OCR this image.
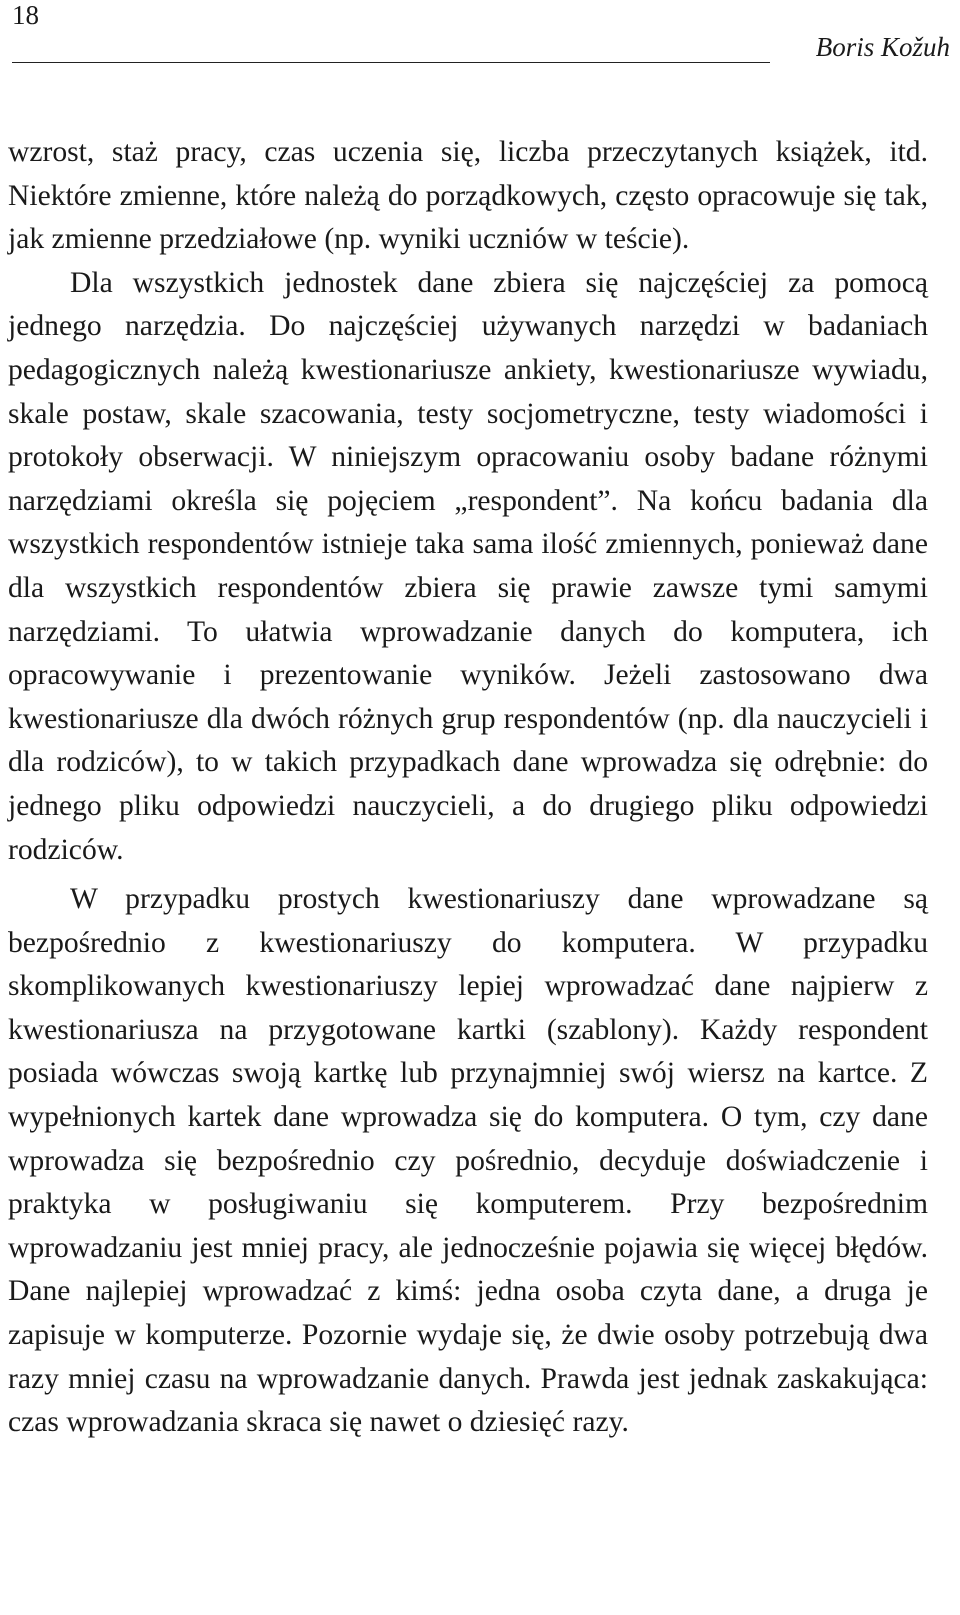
18
Boris Kožuh

wzrost, staż pracy, czas uczenia się, liczba przeczytanych książek, itd. Niektóre zmienne, które należą do porządkowych, często opracowuje się tak, jak zmienne przedziałowe (np. wyniki uczniów w teście).

Dla wszystkich jednostek dane zbiera się najczęściej za pomocą jednego narzędzia. Do najczęściej używanych narzędzi w badaniach pedagogicznych należą kwestionariusze ankiety, kwestionariusze wywiadu, skale postaw, skale szacowania, testy socjometryczne, testy wiadomości i protokoły obserwacji. W niniejszym opracowaniu osoby badane różnymi narzędziami określa się pojęciem „respondent”. Na końcu badania dla wszystkich respondentów istnieje taka sama ilość zmiennych, ponieważ dane dla wszystkich respondentów zbiera się prawie zawsze tymi samymi narzędziami. To ułatwia wprowadzanie danych do komputera, ich opracowywanie i prezentowanie wyników. Jeżeli zastosowano dwa kwestionariusze dla dwóch różnych grup respondentów (np. dla nauczycieli i dla rodziców), to w takich przypadkach dane wprowadza się odrębnie: do jednego pliku odpowiedzi nauczycieli, a do drugiego pliku odpowiedzi rodziców.

W przypadku prostych kwestionariuszy dane wprowadzane są bezpośrednio z kwestionariuszy do komputera. W przypadku skomplikowanych kwestionariuszy lepiej wprowadzać dane najpierw z kwestionariusza na przygotowane kartki (szablony). Każdy respondent posiada wówczas swoją kartkę lub przynajmniej swój wiersz na kartce. Z wypełnionych kartek dane wprowadza się do komputera. O tym, czy dane wprowadza się bezpośrednio czy pośrednio, decyduje doświadczenie i praktyka w posługiwaniu się komputerem. Przy bezpośrednim wprowadzaniu jest mniej pracy, ale jednocześnie pojawia się więcej błędów. Dane najlepiej wprowadzać z kimś: jedna osoba czyta dane, a druga je zapisuje w komputerze. Pozornie wydaje się, że dwie osoby potrzebują dwa razy mniej czasu na wprowadzanie danych. Prawda jest jednak zaskakująca: czas wprowadzania skraca się nawet o dziesięć razy.
